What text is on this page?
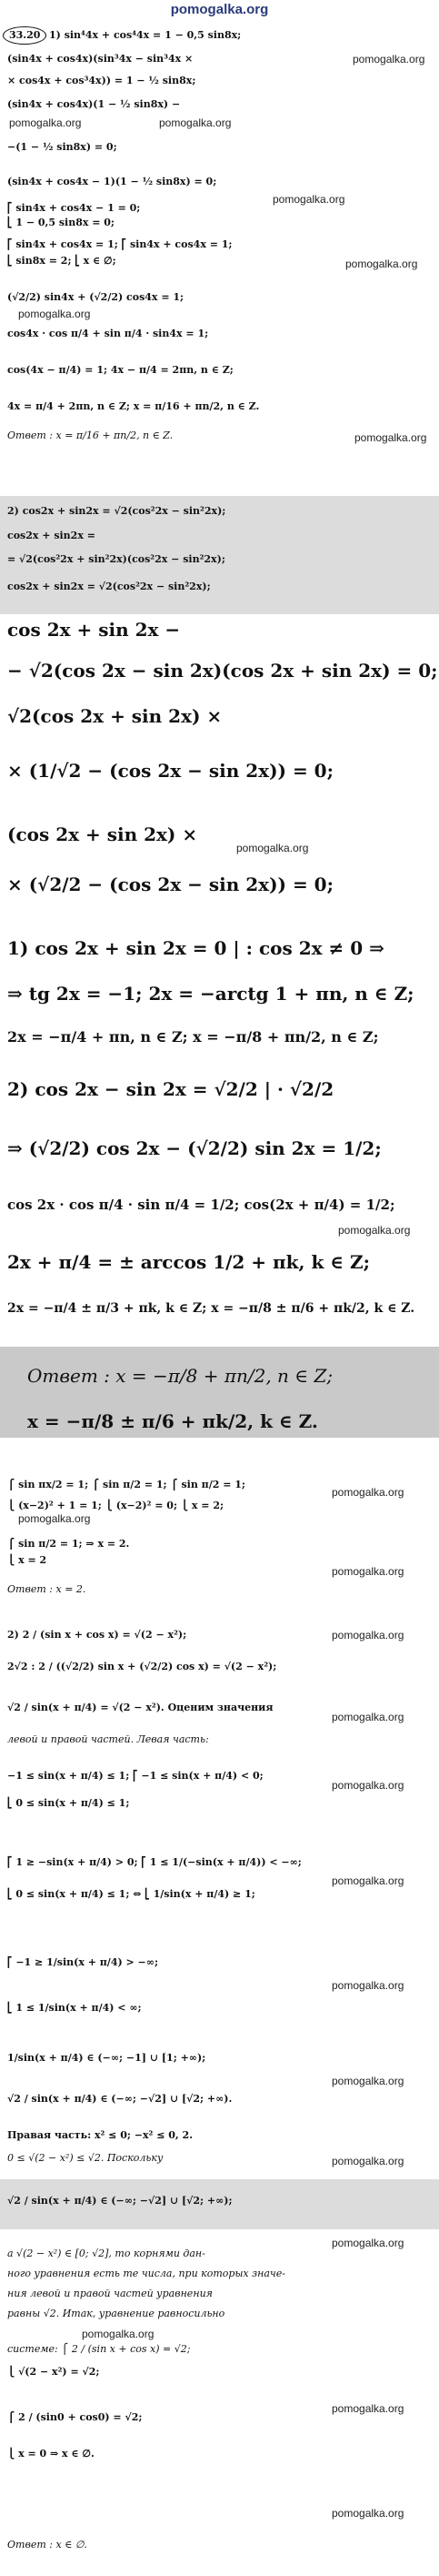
pomogalka.org
33.20 1) sin⁴4x + cos⁴4x = 1 − 0,5 sin8x;
(sin4x + cos4x)(sin³4x − sin³4x ×
× cos4x + cos³4x)) = 1 − ½ sin8x;
(sin4x + cos4x)(1 − ½ sin8x) −
−(1 − ½ sin8x) = 0;
(sin4x + cos4x − 1)(1 − ½ sin8x) = 0;
⎡ sin4x + cos4x − 1 = 0;
⎣ 1 − 0,5 sin8x = 0;
⎡ sin4x + cos4x = 1; ⎡ sin4x + cos4x = 1;
⎣ sin8x = 2; ⎣ x ∈ ∅;
(√2/2) sin4x + (√2/2) cos4x = 1;
cos4x · cos π/4 + sin π/4 · sin4x = 1;
cos(4x − π/4) = 1; 4x − π/4 = 2πn, n ∈ Z;
4x = π/4 + 2πn, n ∈ Z; x = π/16 + πn/2, n ∈ Z.
Ответ : x = π/16 + πn/2, n ∈ Z.
2) cos2x + sin2x = √2(cos²2x − sin²2x);
cos2x + sin2x =
= √2(cos²2x + sin²2x)(cos²2x − sin²2x);
cos2x + sin2x = √2(cos²2x − sin²2x);
cos 2x + sin 2x −
− √2(cos 2x − sin 2x)(cos 2x + sin 2x) = 0;
√2(cos 2x + sin 2x) ×
× (1/√2 − (cos 2x − sin 2x)) = 0;
(cos 2x + sin 2x) ×
× (√2/2 − (cos 2x − sin 2x)) = 0;
1) cos 2x + sin 2x = 0 | : cos 2x ≠ 0 ⇒
⇒ tg 2x = −1; 2x = −arctg 1 + πn, n ∈ Z;
2x = −π/4 + πn, n ∈ Z; x = −π/8 + πn/2, n ∈ Z;
2) cos 2x − sin 2x = √2/2 | · √2/2
⇒ (√2/2) cos 2x − (√2/2) sin 2x = 1/2;
cos 2x · cos π/4 · sin π/4 = 1/2; cos(2x + π/4) = 1/2;
2x + π/4 = ± arccos 1/2 + πk, k ∈ Z;
2x = −π/4 ± π/3 + πk, k ∈ Z; x = −π/8 ± π/6 + πk/2, k ∈ Z.
Ответ : x = −π/8 + πn/2, n ∈ Z;
x = −π/8 ± π/6 + πk/2, k ∈ Z.
⎧ sin πx/2 = 1; ⎧ sin π/2 = 1; ⎧ sin π/2 = 1;
⎩ (x−2)² + 1 = 1; ⎩ (x−2)² = 0; ⎩ x = 2;
⎧ sin π/2 = 1; ⇒ x = 2.
⎩ x = 2
Ответ : x = 2.
2) 2 / (sin x + cos x) = √(2 − x²);
2√2 : 2 / ((√2/2) sin x + (√2/2) cos x) = √(2 − x²);
√2 / sin(x + π/4) = √(2 − x²). Оценим значения
левой и правой частей. Левая часть:
−1 ≤ sin(x + π/4) ≤ 1; ⎡ −1 ≤ sin(x + π/4) < 0;
⎣ 0 ≤ sin(x + π/4) ≤ 1;
⎡ 1 ≥ −sin(x + π/4) > 0; ⎡ 1 ≤ 1/(−sin(x + π/4)) < −∞;
⎣ 0 ≤ sin(x + π/4) ≤ 1; ⇔ ⎣ 1/sin(x + π/4) ≥ 1;
⎡ −1 ≥ 1/sin(x + π/4) > −∞;
⎣ 1 ≤ 1/sin(x + π/4) < ∞;
1/sin(x + π/4) ∈ (−∞; −1] ∪ [1; +∞);
√2 / sin(x + π/4) ∈ (−∞; −√2] ∪ [√2; +∞).
Правая часть: x² ≤ 0; −x² ≤ 0, 2.
0 ≤ √(2 − x²) ≤ √2. Поскольку
√2 / sin(x + π/4) ∈ (−∞; −√2] ∪ [√2; +∞);
а √(2 − x²) ∈ [0; √2], то корнями дан-
ного уравнения есть те числа, при которых значе-
ния левой и правой частей уравнения
равны √2. Итак, уравнение равносильно
системе: ⎧ 2 / (sin x + cos x) = √2;
⎩ √(2 − x²) = √2;
⎧ 2 / (sin0 + cos0) = √2;
⎩ x = 0 ⇒ x ∈ ∅.
Ответ : x ∈ ∅.
pomogalka.org
pomogalka.org	pomogalka.org
pomogalka.org
pomogalka.org
pomogalka.org
pomogalka.org
pomogalka.org
pomogalka.org
pomogalka.org
pomogalka.org
pomogalka.org
pomogalka.org
pomogalka.org
pomogalka.org
pomogalka.org
pomogalka.org
pomogalka.org
pomogalka.org
pomogalka.org
pomogalka.org
pomogalka.org
pomogalka.org
